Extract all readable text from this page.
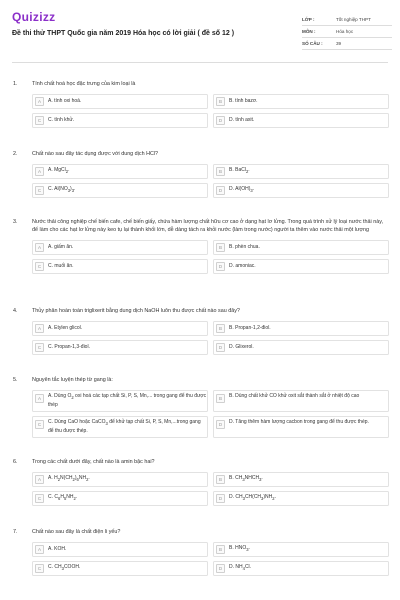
Quizizz
Đề thi thử THPT Quốc gia năm 2019 Hóa học có lời giải ( đề số 12 )
LỚP :	Tốt nghiệp THPT
MÔN :	Hóa học
SỐ CÂU :	39
1.	Tính chất hoá học đặc trưng của kim loại là
A	A. tính oxi hoá.	B	B. tính bazơ.
C	C. tính khử.	D	D. tính axit.
2.	Chất nào sau đây tác dụng được với dung dịch HCl?
A	A. MgCl$_2$.	B	B. BaCl$_2$.
C	C. $Al(NO_3)_3$.	D	D. $Al(OH)_3$.
3.	Nước thải công nghiệp chế biến cafe, chế biến giấy, chứa hàm lượng chất hữu cơ cao ở dạng hạt lơ lửng. Trong quá trình xử lý loại nước thải này, để làm cho các hạt lơ lửng này keo tụ lại thành khối lớn, dễ dàng tách ra khỏi nước (làm trong nước) người ta thêm vào nước thải một lượng
A	A. giấm ăn.	B	B. phèn chua.
C	C. muối ăn.	D	D. amoniac.
4.	Thủy phân hoàn toàn triglixerit bằng dung dịch NaOH luôn thu được chất nào sau đây?
A	A. Etylen glicol.	B	B. Propan-1,2-điol.
C	C. Propan-1,3-điol.	D	D. Glixerol.
5.	Nguyên tắc luyện thép từ gang là:
A	A. Dùng $O_2$ oxi hoá các tạp chất Si, P, S, Mn,... trong gang để thu được thép
B	B. Dùng chất khử CO khử oxit sắt thành sắt ở nhiệt độ cao
C	C. Dùng CaO hoặc CaCO$_3$ để khử tạp chất Si, P, S, Mn,...trong gang để thu được thép.
D	D. Tăng thêm hàm lượng cacbon trong gang để thu được thép.
6.	Trong các chất dưới đây, chất nào là amin bậc hai?
A	A. $H_2N(CH_2)_6NH_2$.	B	B. $CH_3NHCH_3$.
C	C. $C_6H_5NH_2$.	D	D. $CH_3CH(CH_3)NH_2$.
7.	Chất nào sau đây là chất điện li yếu?
A	A. KOH.	B	B. $HNO_3$.
C	C. $CH_3COOH$.	D	D. $NH_4Cl$.
